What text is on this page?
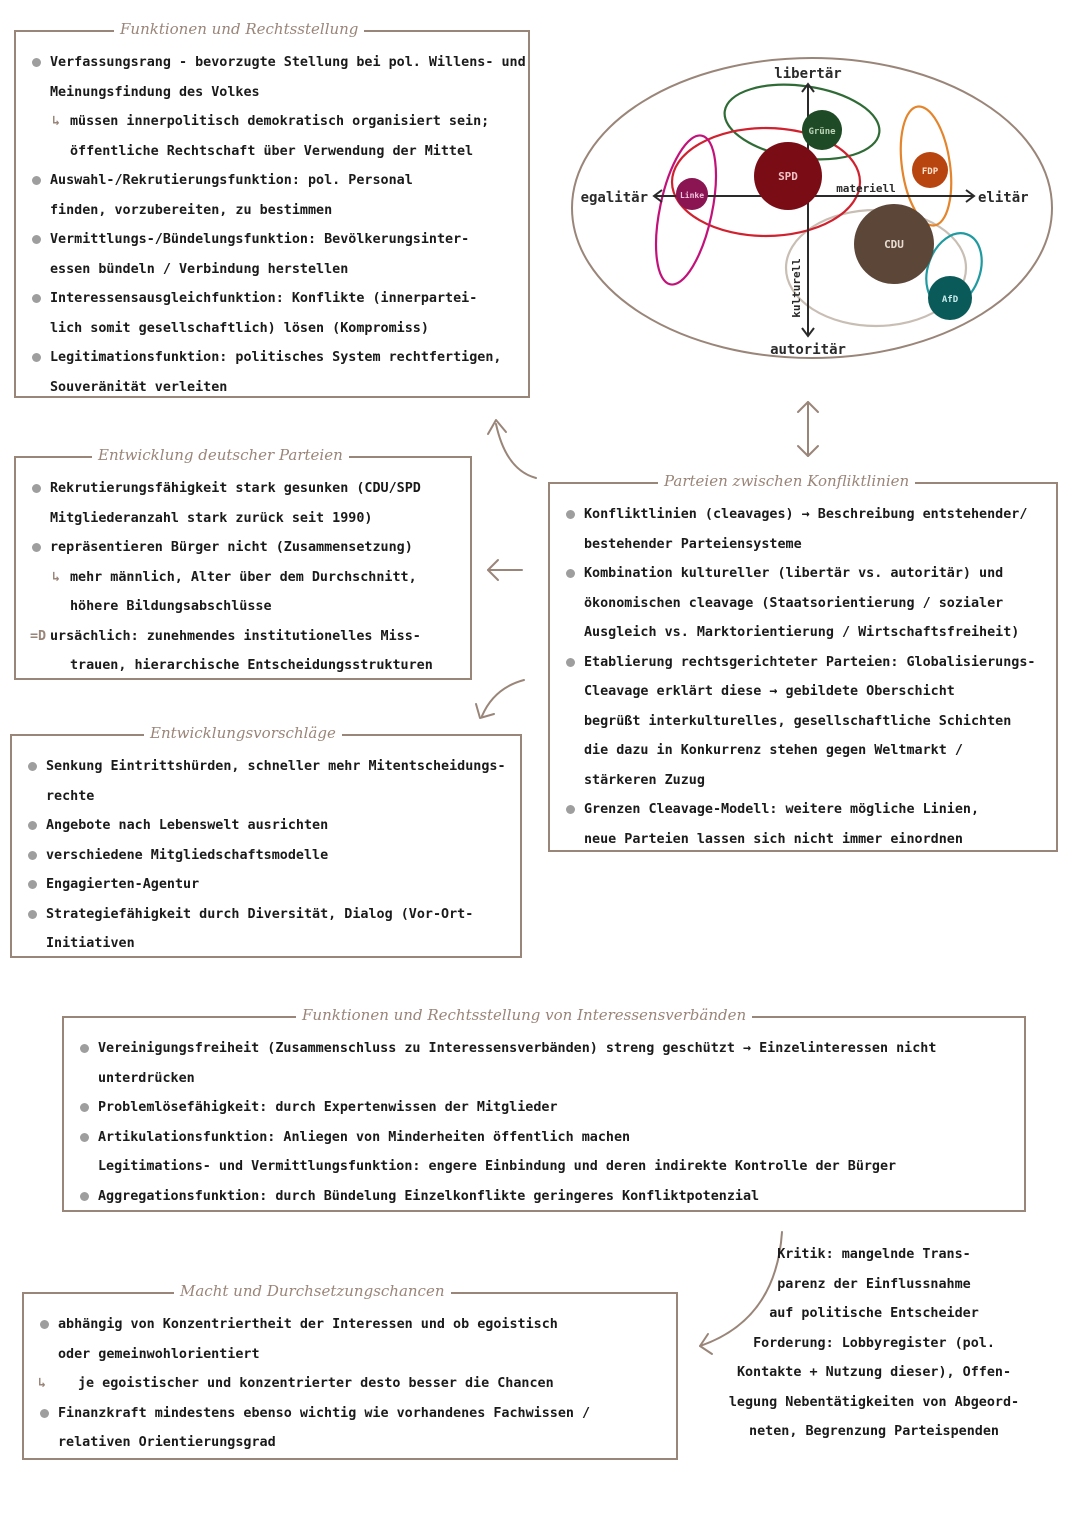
Funktionen und Rechtsstellung
Verfassungsrang - bevorzugte Stellung bei pol. Willens- und
Meinungsfindung des Volkes
↳ müssen innerpolitisch demokratisch organisiert sein;
öffentliche Rechtschaft über Verwendung der Mittel
Auswahl-/Rekrutierungsfunktion: pol. Personal
finden, vorzubereiten, zu bestimmen
Vermittlungs-/Bündelungsfunktion: Bevölkerungsinter-
essen bündeln / Verbindung herstellen
Interessensausgleichfunktion: Konflikte (innerpartei-
lich somit gesellschaftlich) lösen (Kompromiss)
Legitimationsfunktion: politisches System rechtfertigen,
Souveränität verleiten
libertär
autoritär
egalitär	elitär
materiell
kulturell
SPD
Grüne
Linke
FDP
CDU
AfD
Entwicklung deutscher Parteien
Rekrutierungsfähigkeit stark gesunken (CDU/SPD
Mitgliederanzahl stark zurück seit 1990)
repräsentieren Bürger nicht (Zusammensetzung)
↳ mehr männlich, Alter über dem Durchschnitt,
höhere Bildungsabschlüsse
=D ursächlich: zunehmendes institutionelles Miss-
trauen, hierarchische Entscheidungsstrukturen
Parteien zwischen Konfliktlinien
Konfliktlinien (cleavages) → Beschreibung entstehender/
bestehender Parteiensysteme
Kombination kultureller (libertär vs. autoritär) und
ökonomischen cleavage (Staatsorientierung / sozialer
Ausgleich vs. Marktorientierung / Wirtschaftsfreiheit)
Etablierung rechtsgerichteter Parteien: Globalisierungs-
Cleavage erklärt diese → gebildete Oberschicht
begrüßt interkulturelles, gesellschaftliche Schichten
die dazu in Konkurrenz stehen gegen Weltmarkt /
stärkeren Zuzug
Grenzen Cleavage-Modell: weitere mögliche Linien,
neue Parteien lassen sich nicht immer einordnen
Entwicklungsvorschläge
Senkung Eintrittshürden, schneller mehr Mitentscheidungs-
rechte
Angebote nach Lebenswelt ausrichten
verschiedene Mitgliedschaftsmodelle
Engagierten-Agentur
Strategiefähigkeit durch Diversität, Dialog (Vor-Ort-
Initiativen
Funktionen und Rechtsstellung von Interessensverbänden
Vereinigungsfreiheit (Zusammenschluss zu Interessensverbänden) streng geschützt → Einzelinteressen nicht
unterdrücken
Problemlösefähigkeit: durch Expertenwissen der Mitglieder
Artikulationsfunktion: Anliegen von Minderheiten öffentlich machen
Legitimations- und Vermittlungsfunktion: engere Einbindung und deren indirekte Kontrolle der Bürger
Aggregationsfunktion: durch Bündelung Einzelkonflikte geringeres Konfliktpotenzial
Macht und Durchsetzungschancen
abhängig von Konzentriertheit der Interessen und ob egoistisch
oder gemeinwohlorientiert
↳ je egoistischer und konzentrierter desto besser die Chancen
Finanzkraft mindestens ebenso wichtig wie vorhandenes Fachwissen /
relativen Orientierungsgrad
Kritik: mangelnde Trans-
parenz der Einflussnahme
auf politische Entscheider
Forderung: Lobbyregister (pol.
Kontakte + Nutzung dieser), Offen-
legung Nebentätigkeiten von Abgeord-
neten, Begrenzung Parteispenden
